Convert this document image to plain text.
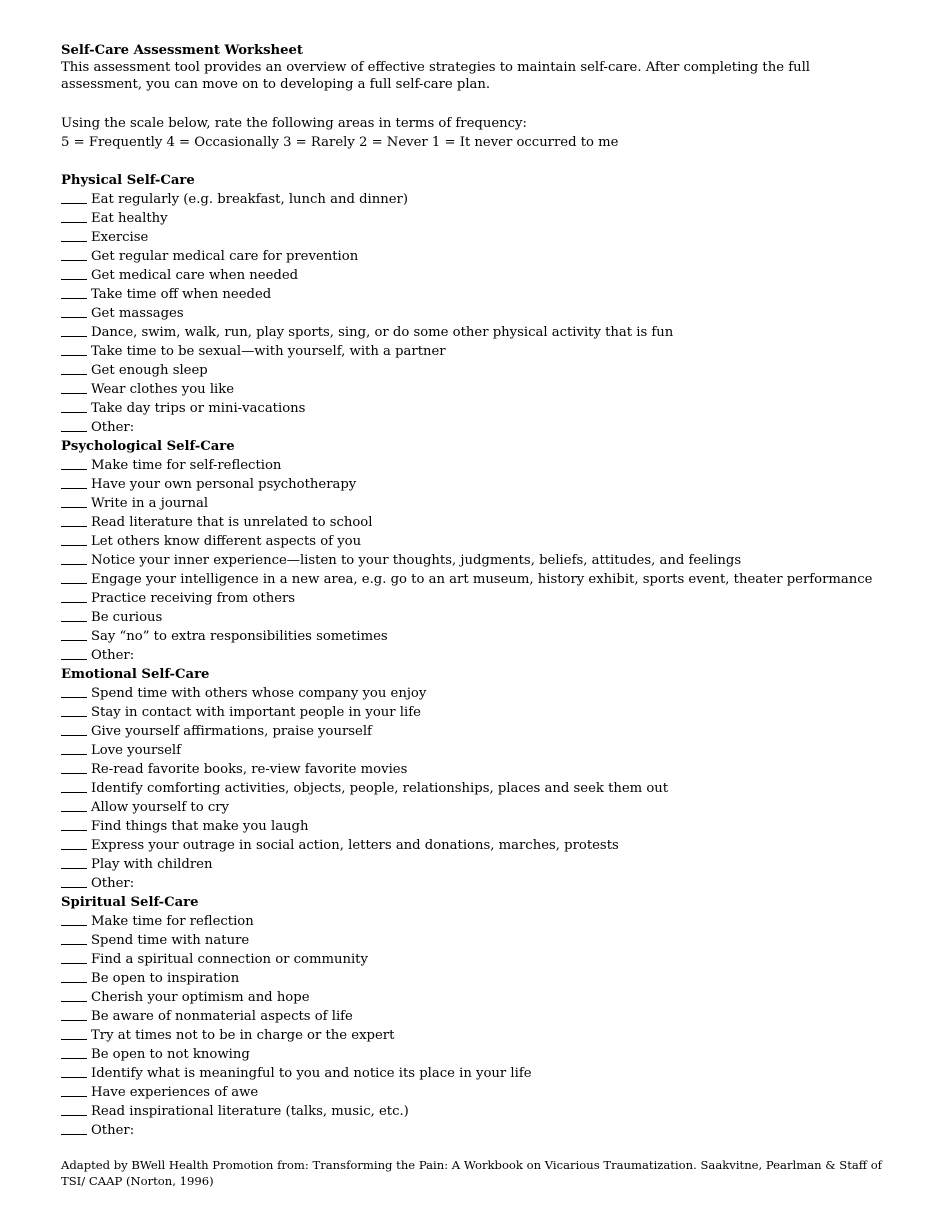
Self-Care Assessment Worksheet
This assessment tool provides an overview of effective strategies to maintain self-care. After completing the full assessment, you can move on to developing a full self-care plan.
Using the scale below, rate the following areas in terms of frequency:
5 = Frequently 4 = Occasionally 3 = Rarely 2 = Never 1 = It never occurred to me
Physical Self-Care
Eat regularly (e.g. breakfast, lunch and dinner)
Eat healthy
Exercise
Get regular medical care for prevention
Get medical care when needed
Take time off when needed
Get massages
Dance, swim, walk, run, play sports, sing, or do some other physical activity that is fun
Take time to be sexual—with yourself, with a partner
Get enough sleep
Wear clothes you like
Take day trips or mini-vacations
Other:
Psychological Self-Care
Make time for self-reflection
Have your own personal psychotherapy
Write in a journal
Read literature that is unrelated to school
Let others know different aspects of you
Notice your inner experience—listen to your thoughts, judgments, beliefs, attitudes, and feelings
Engage your intelligence in a new area, e.g. go to an art museum, history exhibit, sports event, theater performance
Practice receiving from others
Be curious
Say “no” to extra responsibilities sometimes
Other:
Emotional Self-Care
Spend time with others whose company you enjoy
Stay in contact with important people in your life
Give yourself affirmations, praise yourself
Love yourself
Re-read favorite books, re-view favorite movies
Identify comforting activities, objects, people, relationships, places and seek them out
Allow yourself to cry
Find things that make you laugh
Express your outrage in social action, letters and donations, marches, protests
Play with children
Other:
Spiritual Self-Care
Make time for reflection
Spend time with nature
Find a spiritual connection or community
Be open to inspiration
Cherish your optimism and hope
Be aware of nonmaterial aspects of life
Try at times not to be in charge or the expert
Be open to not knowing
Identify what is meaningful to you and notice its place in your life
Have experiences of awe
Read inspirational literature (talks, music, etc.)
Other:
Adapted by BWell Health Promotion from: Transforming the Pain: A Workbook on Vicarious Traumatization. Saakvitne, Pearlman & Staff of TSI/ CAAP (Norton, 1996)
